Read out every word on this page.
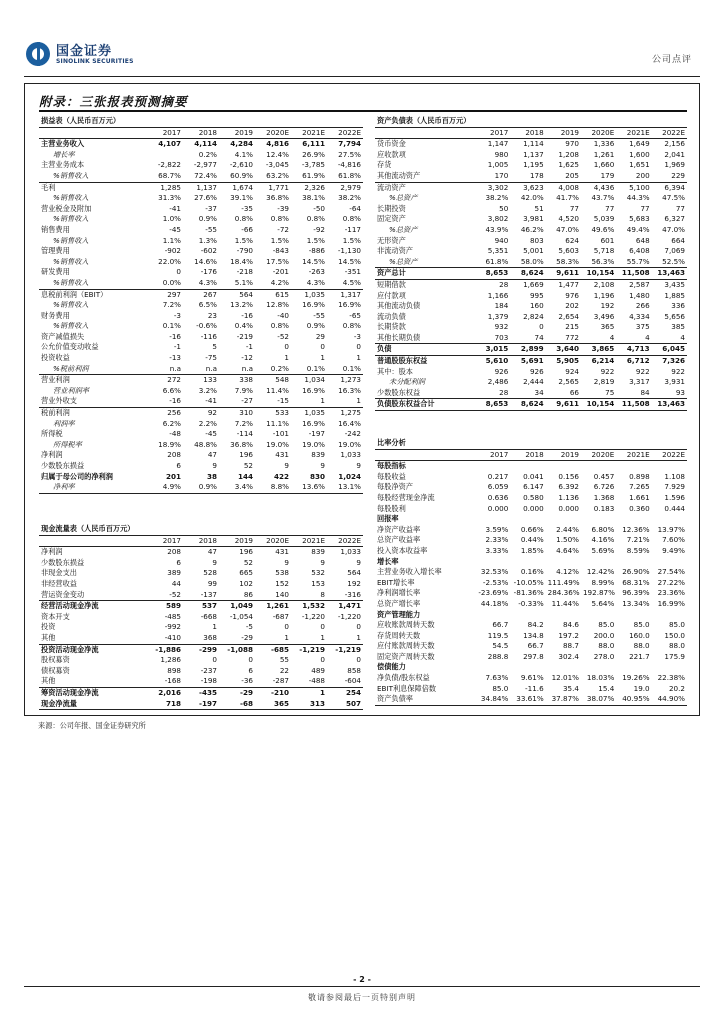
国金证券
SINOLINK SECURITIES	公司点评
附录：三张报表预测摘要
损益表（人民币百万元）						
	2017	2018	2019	2020E	2021E	2022E
主营业务收入	4,107	4,114	4,284	4,816	6,111	7,794
增长率		0.2%	4.1%	12.4%	26.9%	27.5%
主营业务成本	-2,822	-2,977	-2,610	-3,045	-3,785	-4,816
%销售收入	68.7%	72.4%	60.9%	63.2%	61.9%	61.8%
毛利	1,285	1,137	1,674	1,771	2,326	2,979
%销售收入	31.3%	27.6%	39.1%	36.8%	38.1%	38.2%
营业税金及附加	-41	-37	-35	-39	-50	-64
%销售收入	1.0%	0.9%	0.8%	0.8%	0.8%	0.8%
销售费用	-45	-55	-66	-72	-92	-117
%销售收入	1.1%	1.3%	1.5%	1.5%	1.5%	1.5%
管理费用	-902	-602	-790	-843	-886	-1,130
%销售收入	22.0%	14.6%	18.4%	17.5%	14.5%	14.5%
研发费用	0	-176	-218	-201	-263	-351
%销售收入	0.0%	4.3%	5.1%	4.2%	4.3%	4.5%
息税前利润（EBIT）	297	267	564	615	1,035	1,317
%销售收入	7.2%	6.5%	13.2%	12.8%	16.9%	16.9%
财务费用	-3	23	-16	-40	-55	-65
%销售收入	0.1%	-0.6%	0.4%	0.8%	0.9%	0.8%
资产减值损失	-16	-116	-219	-52	29	-3
公允价值变动收益	-1	5	-1	0	0	0
投资收益	-13	-75	-12	1	1	1
%税前利润	n.a	n.a	n.a	0.2%	0.1%	0.1%
营业利润	272	133	338	548	1,034	1,273
营业利润率	6.6%	3.2%	7.9%	11.4%	16.9%	16.3%
营业外收支	-16	-41	-27	-15	1	1
税前利润	256	92	310	533	1,035	1,275
利润率	6.2%	2.2%	7.2%	11.1%	16.9%	16.4%
所得税	-48	-45	-114	-101	-197	-242
所得税率	18.9%	48.8%	36.8%	19.0%	19.0%	19.0%
净利润	208	47	196	431	839	1,033
少数股东损益	6	9	52	9	9	9
归属于母公司的净利润	201	38	144	422	830	1,024
净利率	4.9%	0.9%	3.4%	8.8%	13.6%	13.1%
资产负债表（人民币百万元）						
	2017	2018	2019	2020E	2021E	2022E
货币资金	1,147	1,114	970	1,336	1,649	2,156
应收款项	980	1,137	1,208	1,261	1,600	2,041
存货	1,005	1,195	1,625	1,660	1,651	1,969
其他流动资产	170	178	205	179	200	229
流动资产	3,302	3,623	4,008	4,436	5,100	6,394
%总资产	38.2%	42.0%	41.7%	43.7%	44.3%	47.5%
长期投资	50	51	77	77	77	77
固定资产	3,802	3,981	4,520	5,039	5,683	6,327
%总资产	43.9%	46.2%	47.0%	49.6%	49.4%	47.0%
无形资产	940	803	624	601	648	664
非流动资产	5,351	5,001	5,603	5,718	6,408	7,069
%总资产	61.8%	58.0%	58.3%	56.3%	55.7%	52.5%
资产总计	8,653	8,624	9,611	10,154	11,508	13,463
短期借款	28	1,669	1,477	2,108	2,587	3,435
应付款项	1,166	995	976	1,196	1,480	1,885
其他流动负债	184	160	202	192	266	336
流动负债	1,379	2,824	2,654	3,496	4,334	5,656
长期贷款	932	0	215	365	375	385
其他长期负债	703	74	772	4	4	4
负债	3,015	2,899	3,640	3,865	4,713	6,045
普通股股东权益	5,610	5,691	5,905	6,214	6,712	7,326
其中：股本	926	926	924	922	922	922
未分配利润	2,486	2,444	2,565	2,819	3,317	3,931
少数股东权益	28	34	66	75	84	93
负债股东权益合计	8,653	8,624	9,611	10,154	11,508	13,463
比率分析						
	2017	2018	2019	2020E	2021E	2022E
每股指标						
每股收益	0.217	0.041	0.156	0.457	0.898	1.108
每股净资产	6.059	6.147	6.392	6.726	7.265	7.929
每股经营现金净流	0.636	0.580	1.136	1.368	1.661	1.596
每股股利	0.000	0.000	0.000	0.183	0.360	0.444
回报率						
净资产收益率	3.59%	0.66%	2.44%	6.80%	12.36%	13.97%
总资产收益率	2.33%	0.44%	1.50%	4.16%	7.21%	7.60%
投入资本收益率	3.33%	1.85%	4.64%	5.69%	8.59%	9.49%
增长率						
主营业务收入增长率	32.53%	0.16%	4.12%	12.42%	26.90%	27.54%
EBIT增长率	-2.53%	-10.05%	111.49%	8.99%	68.31%	27.22%
净利润增长率	-23.69%	-81.36%	284.36%	192.87%	96.39%	23.36%
总资产增长率	44.18%	-0.33%	11.44%	5.64%	13.34%	16.99%
资产管理能力						
应收账款周转天数	66.7	84.2	84.6	85.0	85.0	85.0
存货周转天数	119.5	134.8	197.2	200.0	160.0	150.0
应付账款周转天数	54.5	66.7	88.7	88.0	88.0	88.0
固定资产周转天数	288.8	297.8	302.4	278.0	221.7	175.9
偿债能力						
净负债/股东权益	7.63%	9.61%	12.01%	18.03%	19.26%	22.38%
EBIT利息保障倍数	85.0	-11.6	35.4	15.4	19.0	20.2
资产负债率	34.84%	33.61%	37.87%	38.07%	40.95%	44.90%
现金流量表（人民币百万元）						
	2017	2018	2019	2020E	2021E	2022E
净利润	208	47	196	431	839	1,033
少数股东损益	6	9	52	9	9	9
非现金支出	389	528	665	538	532	564
非经营收益	44	99	102	152	153	192
营运资金变动	-52	-137	86	140	8	-316
经营活动现金净流	589	537	1,049	1,261	1,532	1,471
资本开支	-485	-668	-1,054	-687	-1,220	-1,220
投资	-992	1	-5	0	0	0
其他	-410	368	-29	1	1	1
投资活动现金净流	-1,886	-299	-1,088	-685	-1,219	-1,219
股权募资	1,286	0	0	55	0	0
债权募资	898	-237	6	22	489	858
其他	-168	-198	-36	-287	-488	-604
筹资活动现金净流	2,016	-435	-29	-210	1	254
现金净流量	718	-197	-68	365	313	507
来源：公司年报、国金证券研究所
- 2 -
敬请参阅最后一页特别声明
